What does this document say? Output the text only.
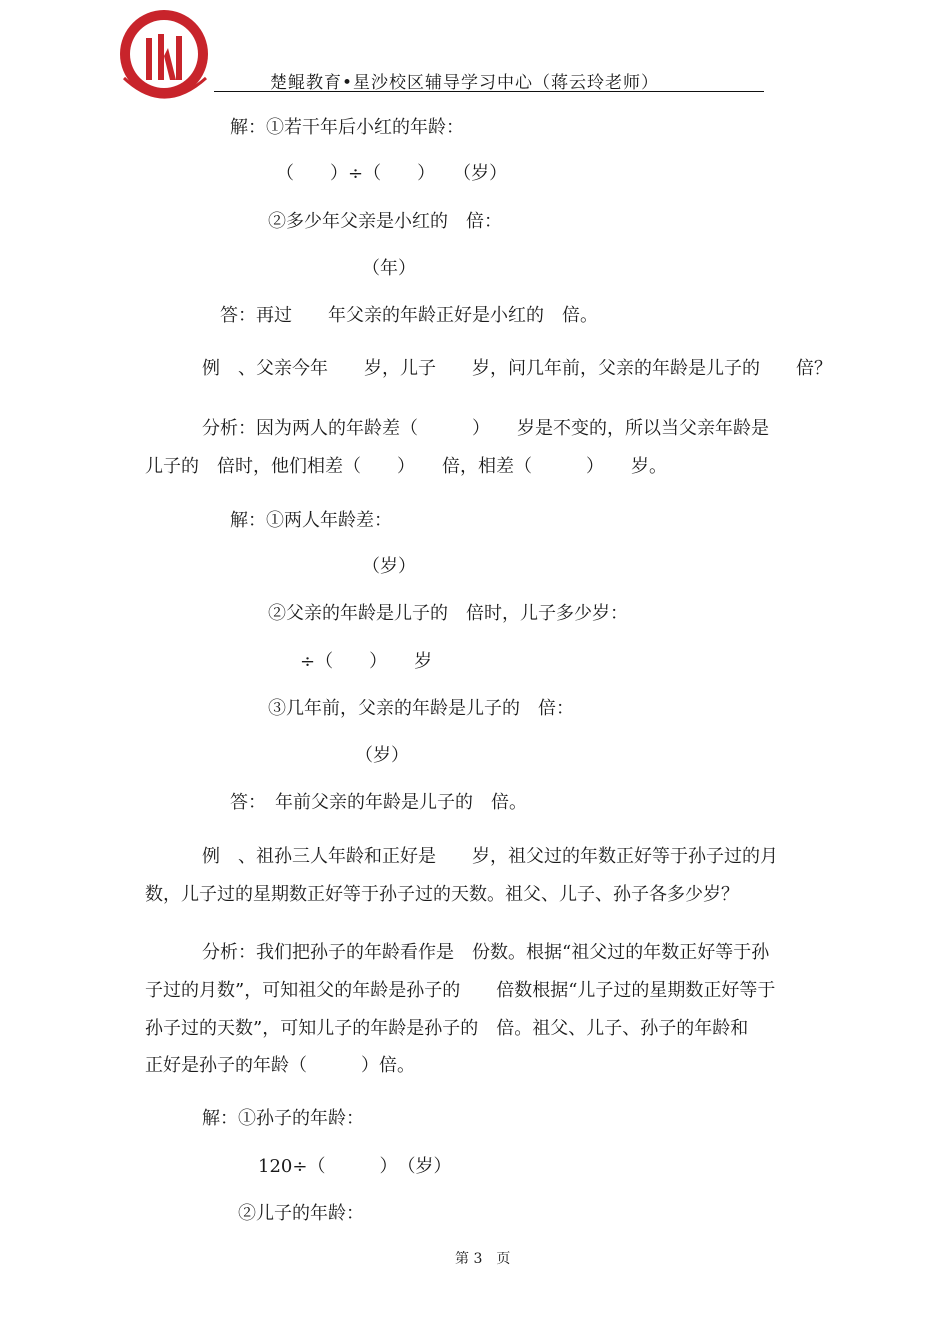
楚鲲教育•星沙校区辅导学习中心（蒋云玲老师）
解：①若干年后小红的年龄：
（　　）÷（　　）　　（岁）
②多少年父亲是小红的　倍：
（年）
答：再过　　年父亲的年龄正好是小红的　倍。
例　、父亲今年　　岁，儿子　　岁，问几年前，父亲的年龄是儿子的　　倍？
分析：因为两人的年龄差（　　　）　　岁是不变的，所以当父亲年龄是
儿子的　倍时，他们相差（　　）　　倍，相差（　　　）　　岁。
解：①两人年龄差：
（岁）
②父亲的年龄是儿子的　倍时，儿子多少岁：
÷（　　）　　岁
③几年前，父亲的年龄是儿子的　倍：
（岁）
答：　年前父亲的年龄是儿子的　倍。
例　、祖孙三人年龄和正好是　　岁，祖父过的年数正好等于孙子过的月
数，儿子过的星期数正好等于孙子过的天数。祖父、儿子、孙子各多少岁？
分析：我们把孙子的年龄看作是　份数。根据“祖父过的年数正好等于孙
子过的月数”，可知祖父的年龄是孙子的　　倍数根据“儿子过的星期数正好等于
孙子过的天数”，可知儿子的年龄是孙子的　倍。祖父、儿子、孙子的年龄和
正好是孙子的年龄（　　　）倍。
解：①孙子的年龄：
120÷（　　　）　（岁）
②儿子的年龄：
第 3　页
